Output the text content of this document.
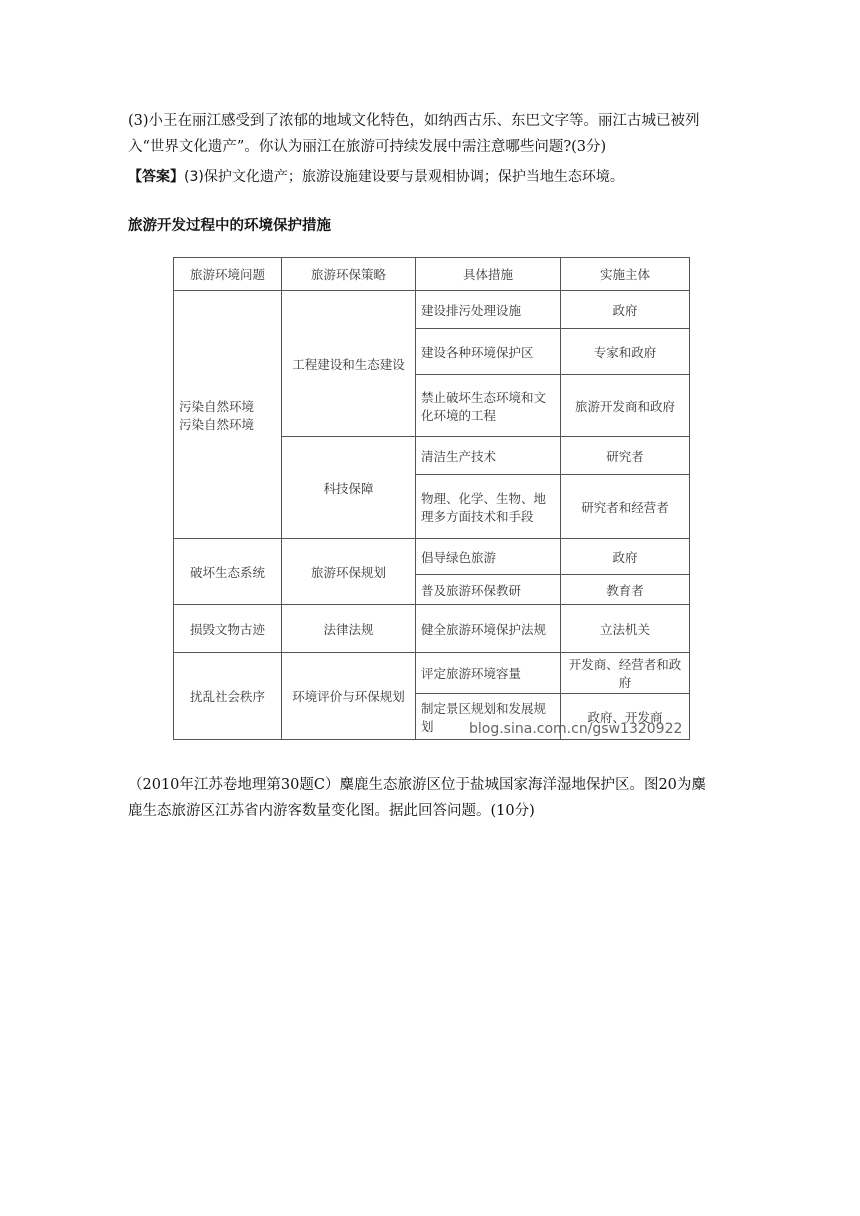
(3)小王在丽江感受到了浓郁的地域文化特色，如纳西古乐、东巴文字等。丽江古城已被列
入“世界文化遗产”。你认为丽江在旅游可持续发展中需注意哪些问题?(3分)
【答案】(3)保护文化遗产；旅游设施建设要与景观相协调；保护当地生态环境。
旅游开发过程中的环境保护措施
旅游环境问题	旅游环保策略	具体措施	实施主体

污染自然环境
污染自然环境	工程建设和生态建设	建设排污处理设施	政府
		建设各种环境保护区	专家和政府
		禁止破坏生态环境和文化环境的工程	旅游开发商和政府
	科技保障	清洁生产技术	研究者
		物理、化学、生物、地理多方面技术和手段	研究者和经营者
破坏生态系统	旅游环保规划	倡导绿色旅游	政府
		普及旅游环保教研	教育者
损毁文物古迹	法律法规	健全旅游环境保护法规	立法机关
扰乱社会秩序	环境评价与环保规划	评定旅游环境容量	开发商、经营者和政府
		制定景区规划和发展规划	政府、开发商
blog.sina.com.cn/gsw1320922
（2010年江苏卷地理第30题C）麋鹿生态旅游区位于盐城国家海洋湿地保护区。图20为麋
鹿生态旅游区江苏省内游客数量变化图。据此回答问题。(10分)
